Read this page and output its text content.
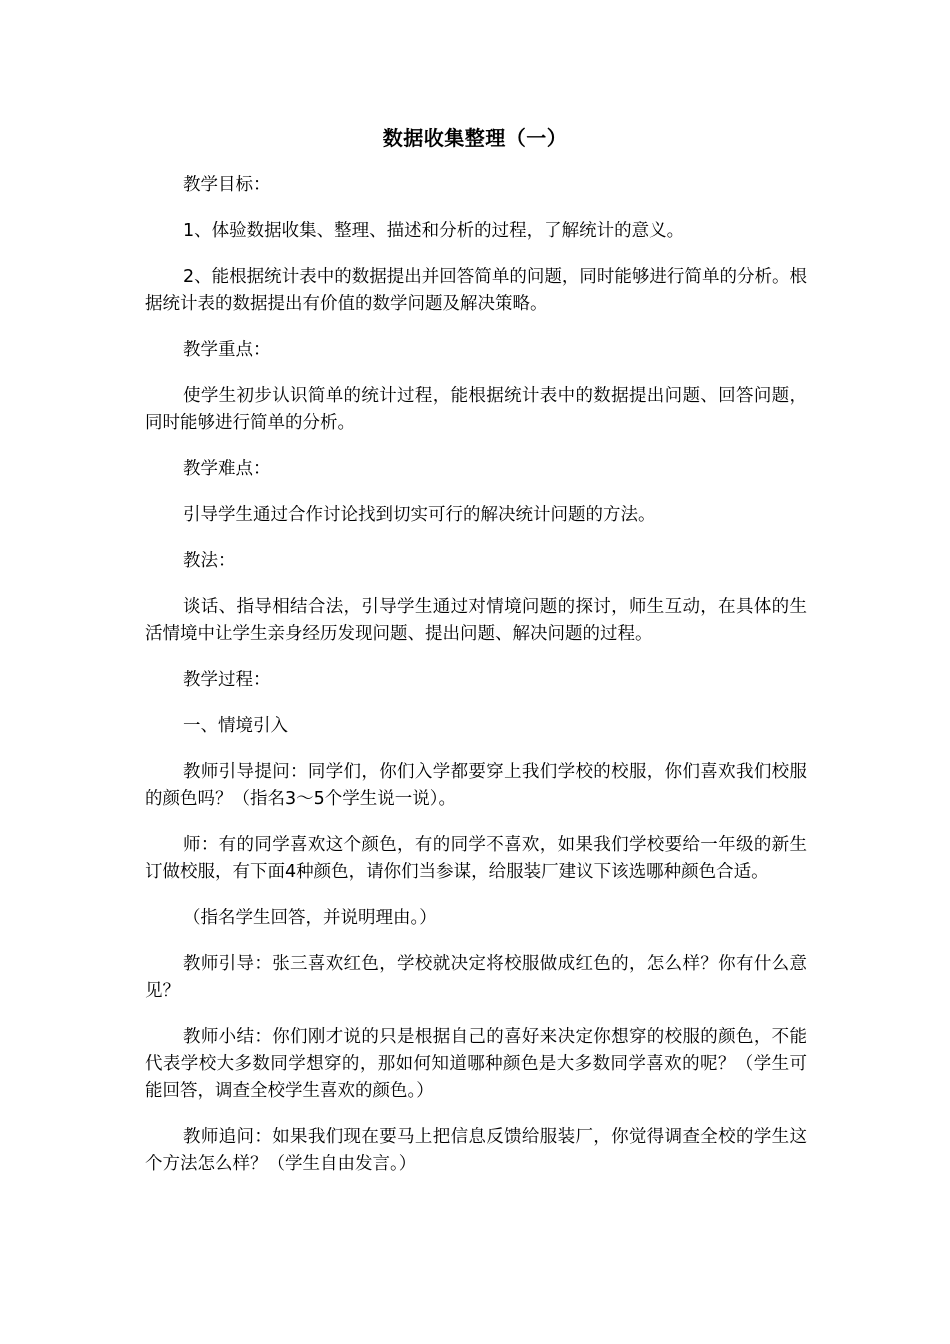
数据收集整理（一）

教学目标：

1、体验数据收集、整理、描述和分析的过程，了解统计的意义。

2、能根据统计表中的数据提出并回答简单的问题，同时能够进行简单的分析。根据统计表的数据提出有价值的数学问题及解决策略。

教学重点：

使学生初步认识简单的统计过程，能根据统计表中的数据提出问题、回答问题，同时能够进行简单的分析。

教学难点：

引导学生通过合作讨论找到切实可行的解决统计问题的方法。

教法：

谈话、指导相结合法，引导学生通过对情境问题的探讨，师生互动，在具体的生活情境中让学生亲身经历发现问题、提出问题、解决问题的过程。

教学过程：

一、情境引入

教师引导提问：同学们，你们入学都要穿上我们学校的校服，你们喜欢我们校服的颜色吗？（指名3～5个学生说一说）。

师：有的同学喜欢这个颜色，有的同学不喜欢，如果我们学校要给一年级的新生订做校服，有下面4种颜色，请你们当参谋，给服装厂建议下该选哪种颜色合适。

（指名学生回答，并说明理由。）

教师引导：张三喜欢红色，学校就决定将校服做成红色的，怎么样？你有什么意见？

教师小结：你们刚才说的只是根据自己的喜好来决定你想穿的校服的颜色，不能代表学校大多数同学想穿的，那如何知道哪种颜色是大多数同学喜欢的呢？（学生可能回答，调查全校学生喜欢的颜色。）

教师追问：如果我们现在要马上把信息反馈给服装厂，你觉得调查全校的学生这个方法怎么样？（学生自由发言。）
